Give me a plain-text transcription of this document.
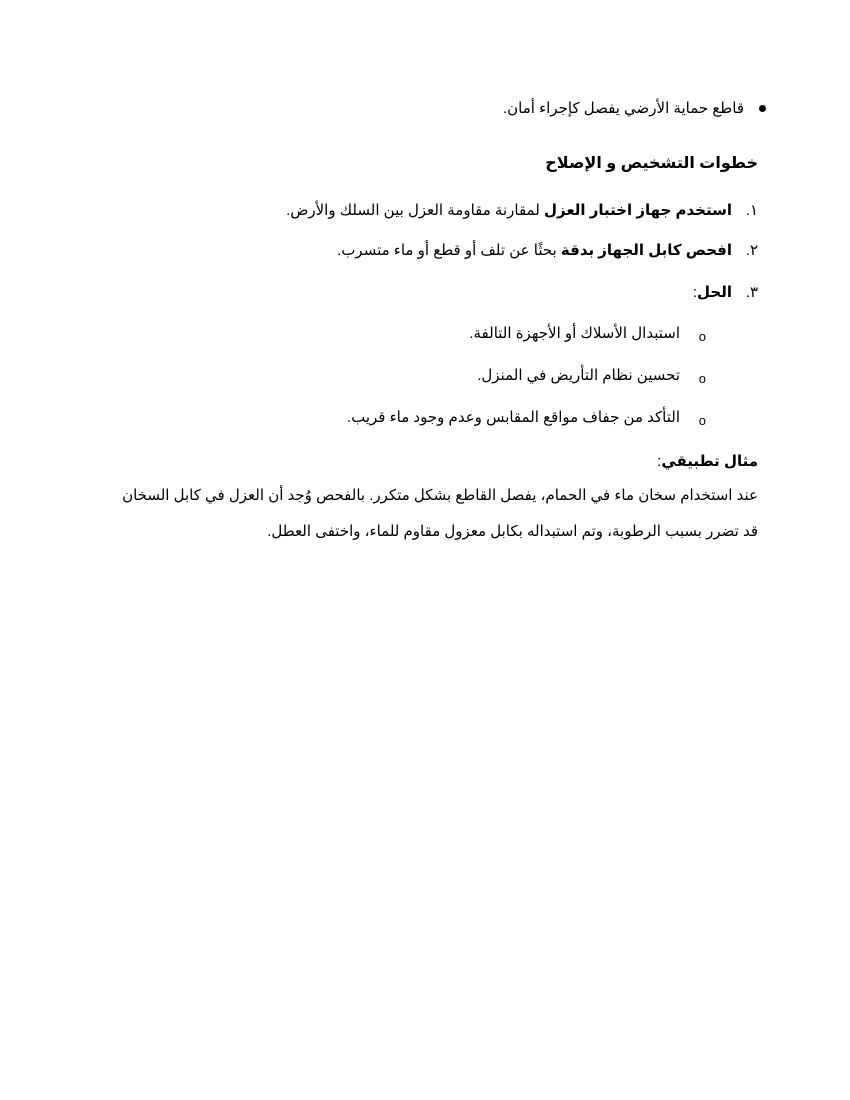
قاطع حماية الأرضي يفصل كإجراء أمان.
خطوات التشخيص و الإصلاح
١.
استخدم جهاز اختبار العزل لمقارنة مقاومة العزل بين السلك والأرض.
٢.
افحص كابل الجهاز بدقة بحثًا عن تلف أو قطع أو ماء متسرب.
٣.
الحل:
o
استبدال الأسلاك أو الأجهزة التالفة.
o
تحسين نظام التأريض في المنزل.
o
التأكد من جفاف مواقع المقابس وعدم وجود ماء قريب.
مثال تطبيقي:
عند استخدام سخان ماء في الحمام، يفصل القاطع بشكل متكرر. بالفحص وُجد أن العزل في كابل السخان
قد تضرر بسبب الرطوبة، وتم استبداله بكابل معزول مقاوم للماء، واختفى العطل.
